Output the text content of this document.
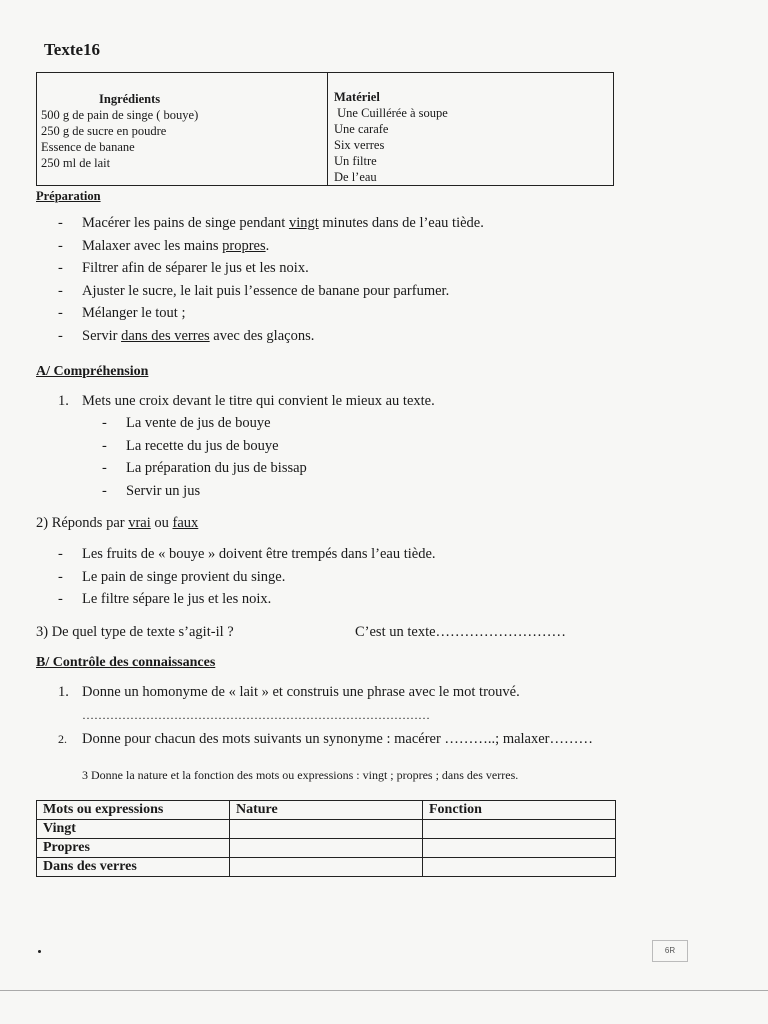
Texte16
Ingrédients
500 g de pain de singe ( bouye)
250 g de sucre en poudre
Essence de banane
250 ml de lait
Matériel
Une Cuillérée à soupe
Une carafe
Six verres
Un filtre
De l’eau
Préparation
- Macérer les pains de singe pendant vingt minutes dans de l’eau tiède.
- Malaxer avec les mains propres.
- Filtrer afin de séparer le jus et les noix.
- Ajuster le sucre, le lait puis l’essence de banane pour parfumer.
- Mélanger le tout ;
- Servir dans des verres avec des glaçons.
A/ Compréhension
1. Mets une croix devant le titre qui convient le mieux au texte.
- La vente de jus de bouye
- La recette du jus de bouye
- La préparation du jus de bissap
- Servir un jus
2) Réponds par vrai ou faux
- Les fruits de « bouye » doivent être trempés dans l’eau tiède.
- Le pain de singe provient du singe.
- Le filtre sépare le jus et les noix.
3) De quel type de texte s’agit-il ?	C’est un texte………………………
B/ Contrôle des connaissances
1. Donne un homonyme de « lait » et construis une phrase avec le mot trouvé.
……………………………………………………………………………
2. Donne pour chacun des mots suivants un synonyme : macérer ………..; malaxer………
3 Donne la nature et la fonction des mots ou expressions : vingt ; propres ; dans des verres.
Mots ou expressions	Nature	Fonction
Vingt		
Propres		
Dans des verres		
6R
